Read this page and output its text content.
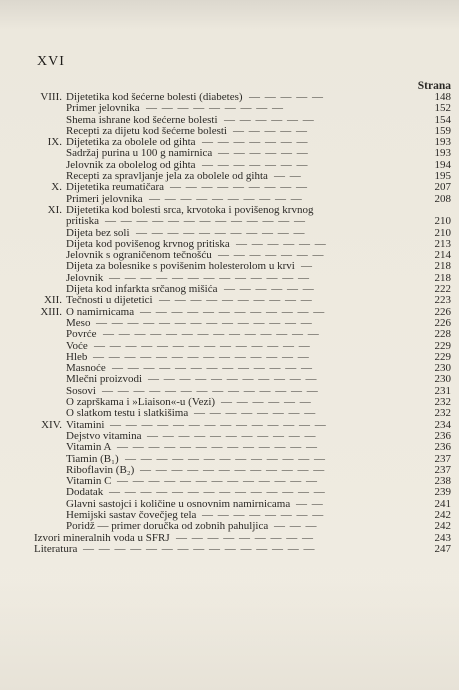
XVI
Strana
VIII. Dijetetika kod šećerne bolesti (diabetes) — — — — —	148
Primer jelovnika — — — — — — — — —	152
Shema ishrane kod šećerne bolesti — — — — — —	154
Recepti za dijetu kod šećerne bolesti — — — — —	159
IX. Dijetetika za obolele od gihta — — — — — — —	193
Sadržaj purina u 100 g namirnica — — — — — —	193
Jelovnik za obolelog od gihta — — — — — — —	194
Recepti za spravljanje jela za obolele od gihta — —	195
X. Dijetetika reumatičara — — — — — — — — —	207
Primeri jelovnika — — — — — — — — — —	208
XI. Dijetetika kod bolesti srca, krvotoka i povišenog krvnog
pritiska — — — — — — — — — — — — —	210
Dijeta bez soli — — — — — — — — — — —	210
Dijeta kod povišenog krvnog pritiska — — — — — —	213
Jelovnik s ograničenom tečnošću — — — — — — —	214
Dijeta za bolesnike s povišenim holesterolom u krvi —	218
Jelovnik — — — — — — — — — — — — —	218
Dijeta kod infarkta srčanog mišića — — — — — —	222
XII. Tečnosti u dijetetici — — — — — — — — — —	223
XIII. O namirnicama — — — — — — — — — — — —	226
Meso — — — — — — — — — — — — — —	226
Povrće — — — — — — — — — — — — — —	228
Voće — — — — — — — — — — — — — —	229
Hleb — — — — — — — — — — — — — —	229
Masnoće — — — — — — — — — — — — —	230
Mlečni proizvodi — — — — — — — — — — —	230
Sosovi — — — — — — — — — — — — — —	231
O zaprškama i »Liaison«-u (Vezi) — — — — — —	232
O slatkom testu i slatkišima — — — — — — — —	232
XIV. Vitamini — — — — — — — — — — — — — —	234
Dejstvo vitamina — — — — — — — — — — —	236
Vitamin A — — — — — — — — — — — — —	236
Tiamin (B₁) — — — — — — — — — — — — —	237
Riboflavin (B₂) — — — — — — — — — — — —	237
Vitamin C — — — — — — — — — — — — —	238
Dodatak — — — — — — — — — — — — — —	239
Glavni sastojci i količine u osnovnim namirnicama — —	241
Hemijski sastav čovečjeg tela — — — — — — — —	242
Poridž — primer doručka od zobnih pahuljica — — —	242
Izvori mineralnih voda u SFRJ — — — — — — — — —	243
Literatura — — — — — — — — — — — — — — —	247
